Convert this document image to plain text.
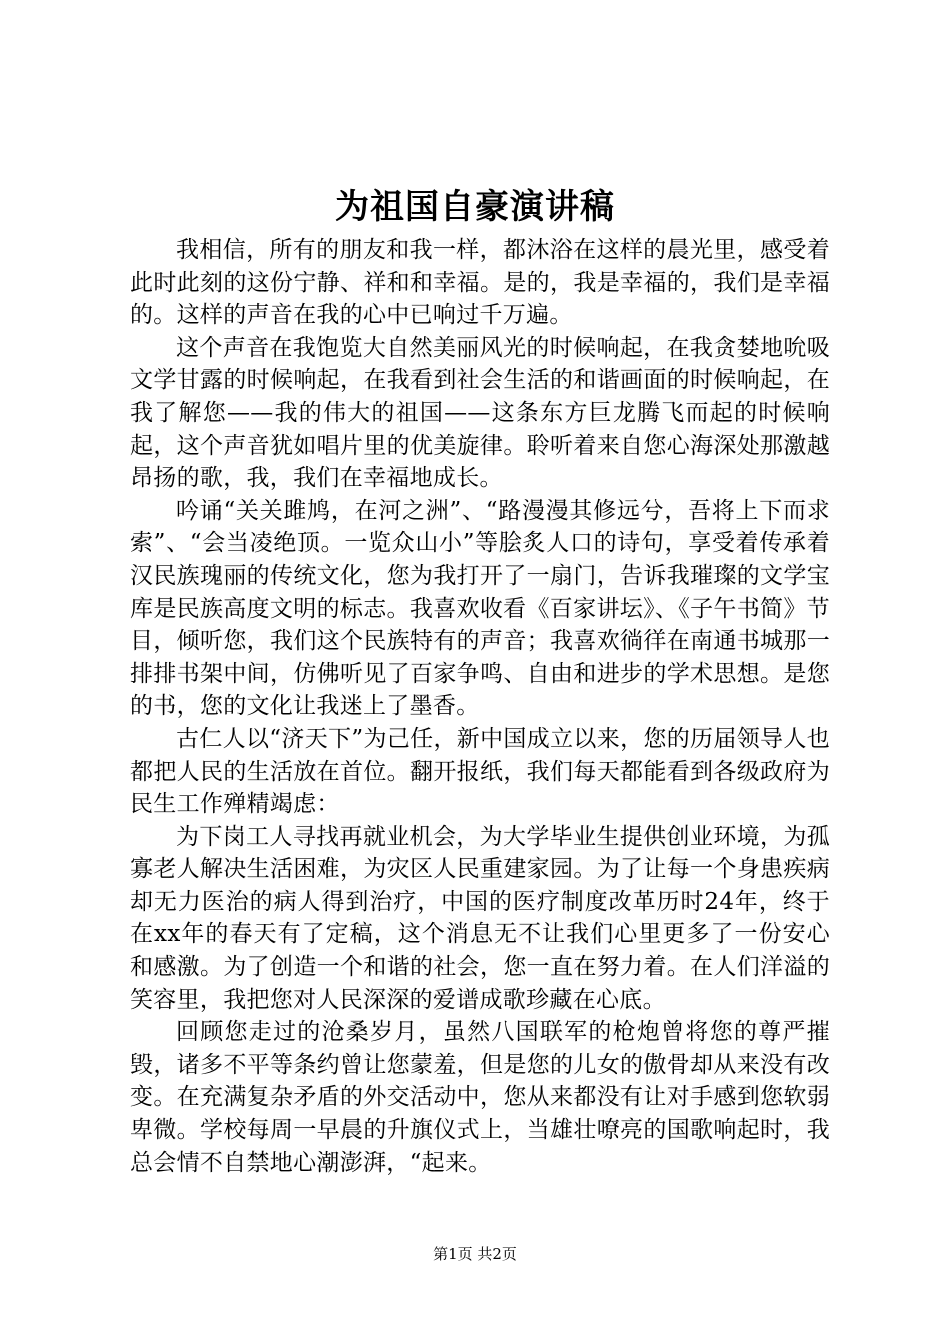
为祖国自豪演讲稿

我相信，所有的朋友和我一样，都沐浴在这样的晨光里，感受着此时此刻的这份宁静、祥和和幸福。是的，我是幸福的，我们是幸福的。这样的声音在我的心中已响过千万遍。

这个声音在我饱览大自然美丽风光的时候响起，在我贪婪地吮吸文学甘露的时候响起，在我看到社会生活的和谐画面的时候响起，在我了解您——我的伟大的祖国——这条东方巨龙腾飞而起的时候响起，这个声音犹如唱片里的优美旋律。聆听着来自您心海深处那激越昂扬的歌，我，我们在幸福地成长。

吟诵“关关雎鸠，在河之洲”、“路漫漫其修远兮，吾将上下而求索”、“会当凌绝顶。一览众山小”等脍炙人口的诗句，享受着传承着汉民族瑰丽的传统文化，您为我打开了一扇门，告诉我璀璨的文学宝库是民族高度文明的标志。我喜欢收看《百家讲坛》、《子午书简》节目，倾听您，我们这个民族特有的声音；我喜欢徜徉在南通书城那一排排书架中间，仿佛听见了百家争鸣、自由和进步的学术思想。是您的书，您的文化让我迷上了墨香。

古仁人以“济天下”为己任，新中国成立以来，您的历届领导人也都把人民的生活放在首位。翻开报纸，我们每天都能看到各级政府为民生工作殚精竭虑：

为下岗工人寻找再就业机会，为大学毕业生提供创业环境，为孤寡老人解决生活困难，为灾区人民重建家园。为了让每一个身患疾病却无力医治的病人得到治疗，中国的医疗制度改革历时24年，终于在xx年的春天有了定稿，这个消息无不让我们心里更多了一份安心和感激。为了创造一个和谐的社会，您一直在努力着。在人们洋溢的笑容里，我把您对人民深深的爱谱成歌珍藏在心底。

回顾您走过的沧桑岁月，虽然八国联军的枪炮曾将您的尊严摧毁，诸多不平等条约曾让您蒙羞，但是您的儿女的傲骨却从来没有改变。在充满复杂矛盾的外交活动中，您从来都没有让对手感到您软弱卑微。学校每周一早晨的升旗仪式上，当雄壮嘹亮的国歌响起时，我总会情不自禁地心潮澎湃，“起来。

第1页 共2页
